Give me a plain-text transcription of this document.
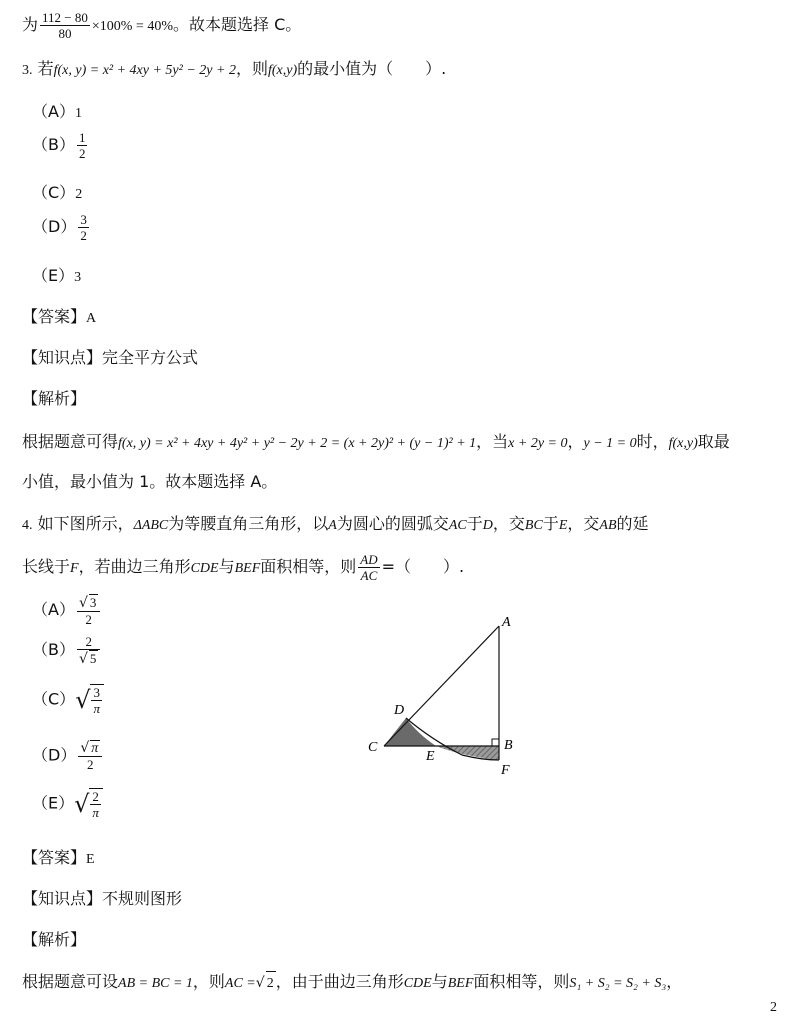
为 $\frac{112 - 80}{80} \times 100\% = 40\%$。故本题选择 C。
3. 若f(x, y) = x² + 4xy + 5y² − 2y + 2，则f(x,y)的最小值为（　　）.
（A）1
$(B) \frac{1}{2}$
（C）2
$(D) \frac{3}{2}$
（E）3
【答案】A
【知识点】完全平方公式
【解析】
根据题意可得f(x, y) = x² + 4xy + 4y² + y² − 2y + 2 = (x + 2y)² + (y − 1)² + 1，当x + 2y = 0，y − 1 = 0时，f(x,y)取最
小值，最小值为 1。故本题选择 A。
4. 如下图所示，ΔABC为等腰直角三角形，以A为圆心的圆弧交AC于D，交BC于E，交AB的延
长线于F，若曲边三角形CDE与BEF面积相等，则 $\frac{AD}{AC}$ =（　　）.
$(A) \frac{√ 3}{2}$
$(B) \frac{2}{√ 5}$
$(C)√ \frac{3}{\pi}$
$(D) \frac{√ \pi}{2}$
$(E)√ \frac{2}{\pi}$
A
B
C
D
E
F
【答案】E
【知识点】不规则图形
【解析】
根据题意可设AB = BC = 1，则AC =√ 2 ，由于曲边三角形CDE与BEF面积相等，则S₁ + S₂ = S₂ + S₃，
2
